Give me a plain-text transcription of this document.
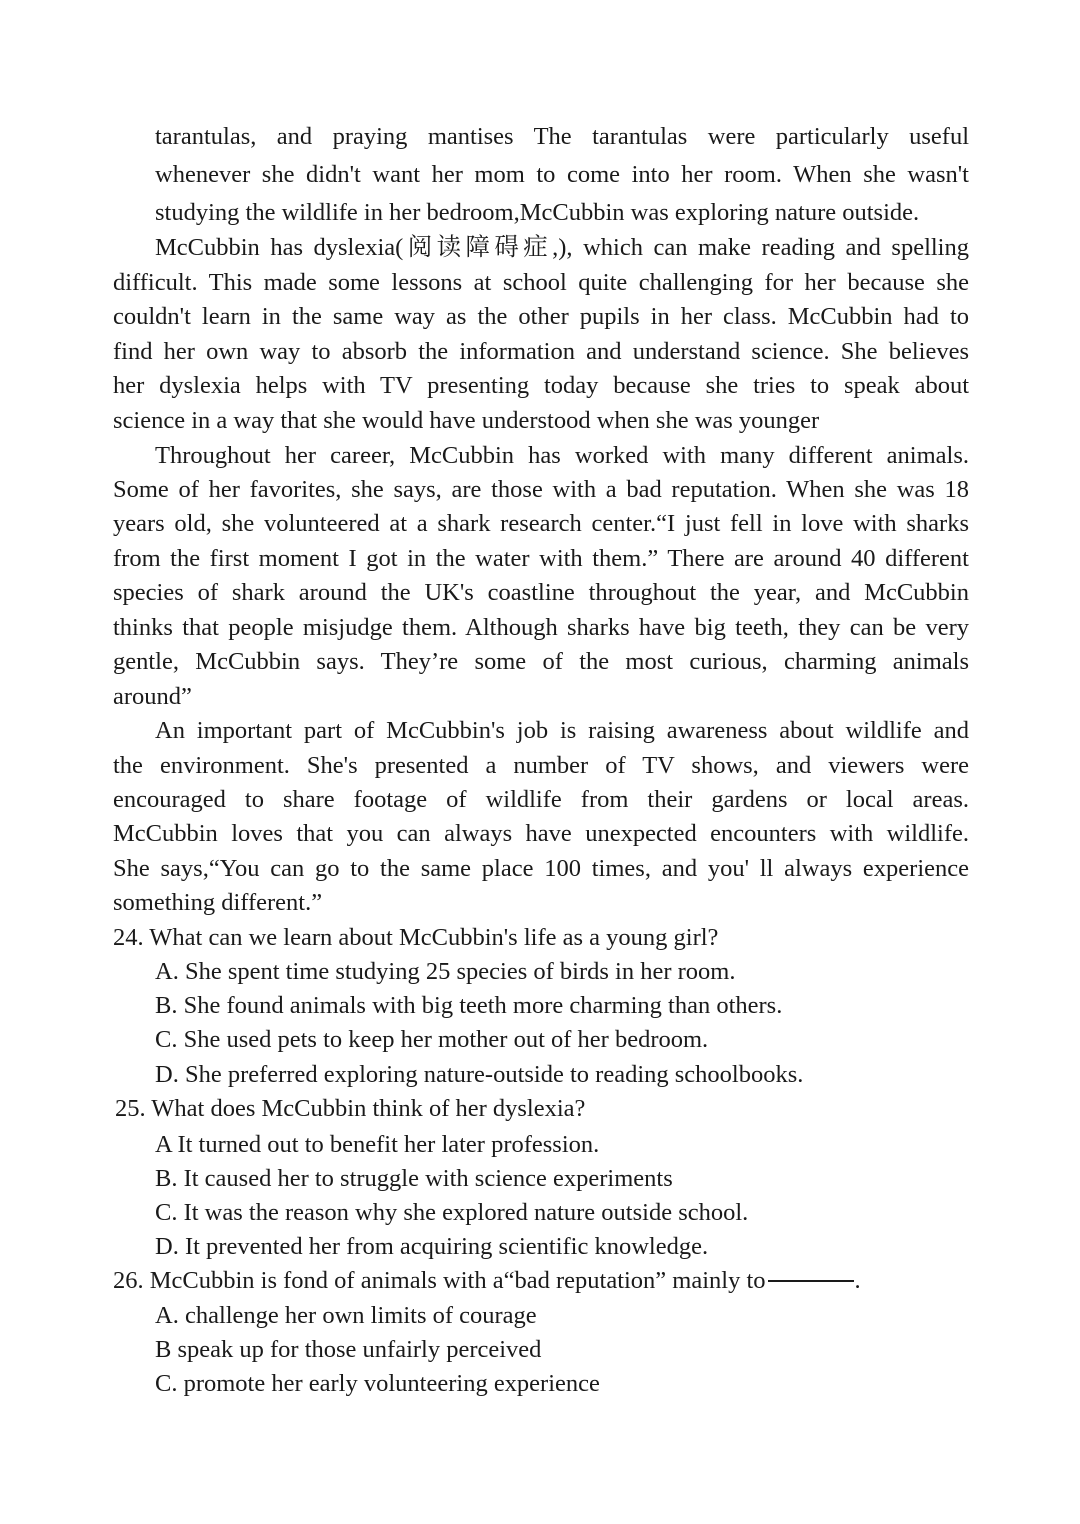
tarantulas, and praying mantises The tarantulas were particularly useful
whenever she didn't want her mom to come into her room. When she wasn't
studying the wildlife in her bedroom,McCubbin was exploring nature outside.
McCubbin has dyslexia(阅读障碍症,), which can make reading and spelling
difficult. This made some lessons at school quite challenging for her because she
couldn't learn in the same way as the other pupils in her class. McCubbin had to
find her own way to absorb the information and understand science. She believes
her dyslexia helps with TV presenting today because she tries to speak about
science in a way that she would have understood when she was younger
Throughout her career, McCubbin has worked with many different animals.
Some of her favorites, she says, are those with a bad reputation. When she was 18
years old, she volunteered at a shark research center.“I just fell in love with sharks
from the first moment I got in the water with them.” There are around 40 different
species of shark around the UK's coastline throughout the year, and McCubbin
thinks that people misjudge them. Although sharks have big teeth, they can be very
gentle, McCubbin says. They’re some of the most curious, charming animals
around”
An important part of McCubbin's job is raising awareness about wildlife and
the environment. She's presented a number of TV shows, and viewers were
encouraged to share footage of wildlife from their gardens or local areas.
McCubbin loves that you can always have unexpected encounters with wildlife.
She says,“You can go to the same place 100 times, and you' ll always experience
something different.”
24. What can we learn about McCubbin's life as a young girl?
A. She spent time studying 25 species of birds in her room.
B. She found animals with big teeth more charming than others.
C. She used pets to keep her mother out of her bedroom.
D. She preferred exploring nature-outside to reading schoolbooks.
25. What does McCubbin think of her dyslexia?
A It turned out to benefit her later profession.
B. It caused her to struggle with science experiments
C. It was the reason why she explored nature outside school.
D. It prevented her from acquiring scientific knowledge.
26. McCubbin is fond of animals with a“bad reputation” mainly to	.
A. challenge her own limits of courage
B speak up for those unfairly perceived
C. promote her early volunteering experience
